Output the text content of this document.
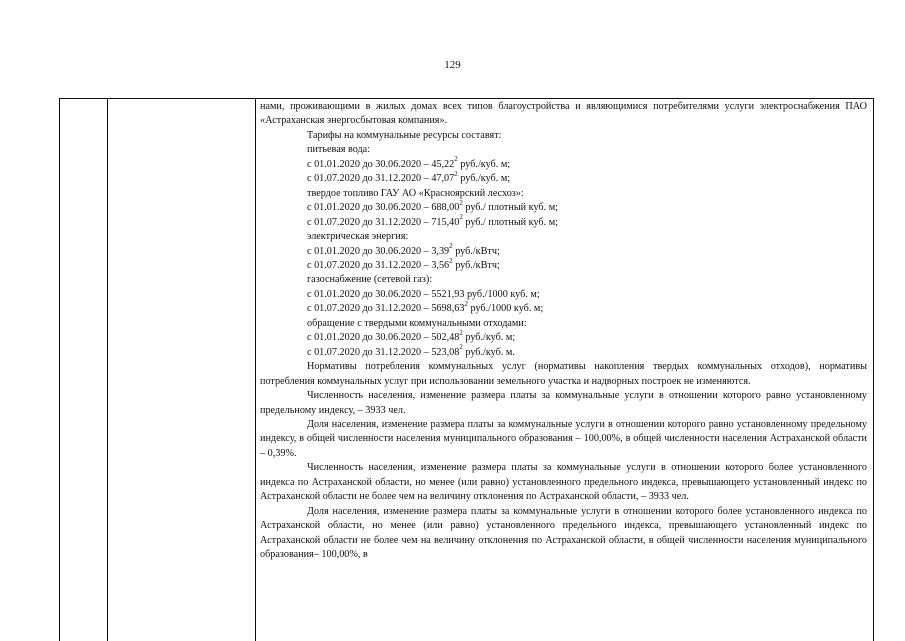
129

нами, проживающими в жилых домах всех типов благоустройства и являющимися потребителями услуги электроснабжения ПАО «Астраханская энергосбытовая компания».

Тарифы на коммунальные ресурсы составят:

питьевая вода:

с 01.01.2020 до 30.06.2020 – 45,22$^2$ руб./куб. м;

с 01.07.2020 до 31.12.2020 – 47,07$^2$ руб./куб. м;

твердое топливо ГАУ АО «Красноярский лесхоз»:

с 01.01.2020 до 30.06.2020 – 688,00$^2$ руб./ плотный куб. м;

с 01.07.2020 до 31.12.2020 – 715,40$^2$ руб./ плотный куб. м;

электрическая энергия:

с 01.01.2020 до 30.06.2020 – 3,39$^2$ руб./кВтч;

с 01.07.2020 до 31.12.2020 – 3,56$^2$ руб./кВтч;

газоснабжение (сетевой газ):

с 01.01.2020 до 30.06.2020 – 5521,93 руб./1000 куб. м;

с 01.07.2020 до 31.12.2020 – 5698,63$^2$ руб./1000 куб. м;

обращение с твердыми коммунальными отходами:

с 01.01.2020 до 30.06.2020 – 502,48$^2$ руб./куб. м;

с 01.07.2020 до 31.12.2020 – 523,08$^2$ руб./куб. м.

Нормативы потребления коммунальных услуг (нормативы накопления твердых коммунальных отходов), нормативы потребления коммунальных услуг при использовании земельного участка и надворных построек не изменяются.

Численность населения, изменение размера платы за коммунальные услуги в отношении которого равно установленному предельному индексу, – 3933 чел.

Доля населения, изменение размера платы за коммунальные услуги в отношении которого равно установленному предельному индексу, в общей численности населения муниципального образования – 100,00%, в общей численности населения Астраханской области – 0,39%.

Численность населения, изменение размера платы за коммунальные услуги в отношении которого более установленного индекса по Астраханской области, но менее (или равно) установленного предельного индекса, превышающего установленный индекс по Астраханской области не более чем на величину отклонения по Астраханской области, – 3933 чел.

Доля населения, изменение размера платы за коммунальные услуги в отношении которого более установленного индекса по Астраханской области, но менее (или равно) установленного предельного индекса, превышающего установленный индекс по Астраханской области не более чем на величину отклонения по Астраханской области, в общей численности населения муниципального образования– 100,00%, в
